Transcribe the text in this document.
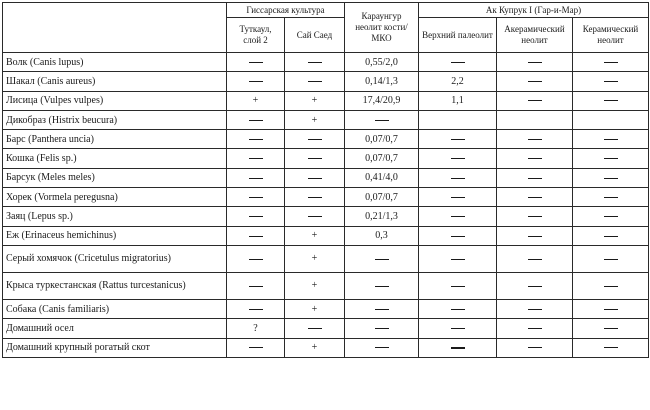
	Гиссарская культура		Караунгур неолит кости/МКО	Ак Купрук I (Гар-и-Мар)		
	Туткаул, слой 2	Сай Саед		Верхний палеолит	Акерамический неолит	Керамический неолит
Волк (Canis lupus)			0,55/2,0			
Шакал (Canis aureus)			0,14/1,3	2,2		
Лисица (Vulpes vulpes)	+	+	17,4/20,9	1,1		
Дикобраз (Histrix beucura)		+				
Барс (Panthera uncia)			0,07/0,7			
Кошка (Felis sp.)			0,07/0,7			
Барсук (Meles meles)			0,41/4,0			
Хорек (Vormela peregusna)			0,07/0,7			
Заяц (Lepus sp.)			0,21/1,3			
Еж (Erinaceus hemichinus)		+	0,3			
Серый хомячок (Cricetulus migratorius)		+				
Крыса туркестанская (Rattus turcestanicus)		+				
Собака (Canis familiaris)		+				
Домашний осел	?					
Домашний крупный рогатый скот		+				
